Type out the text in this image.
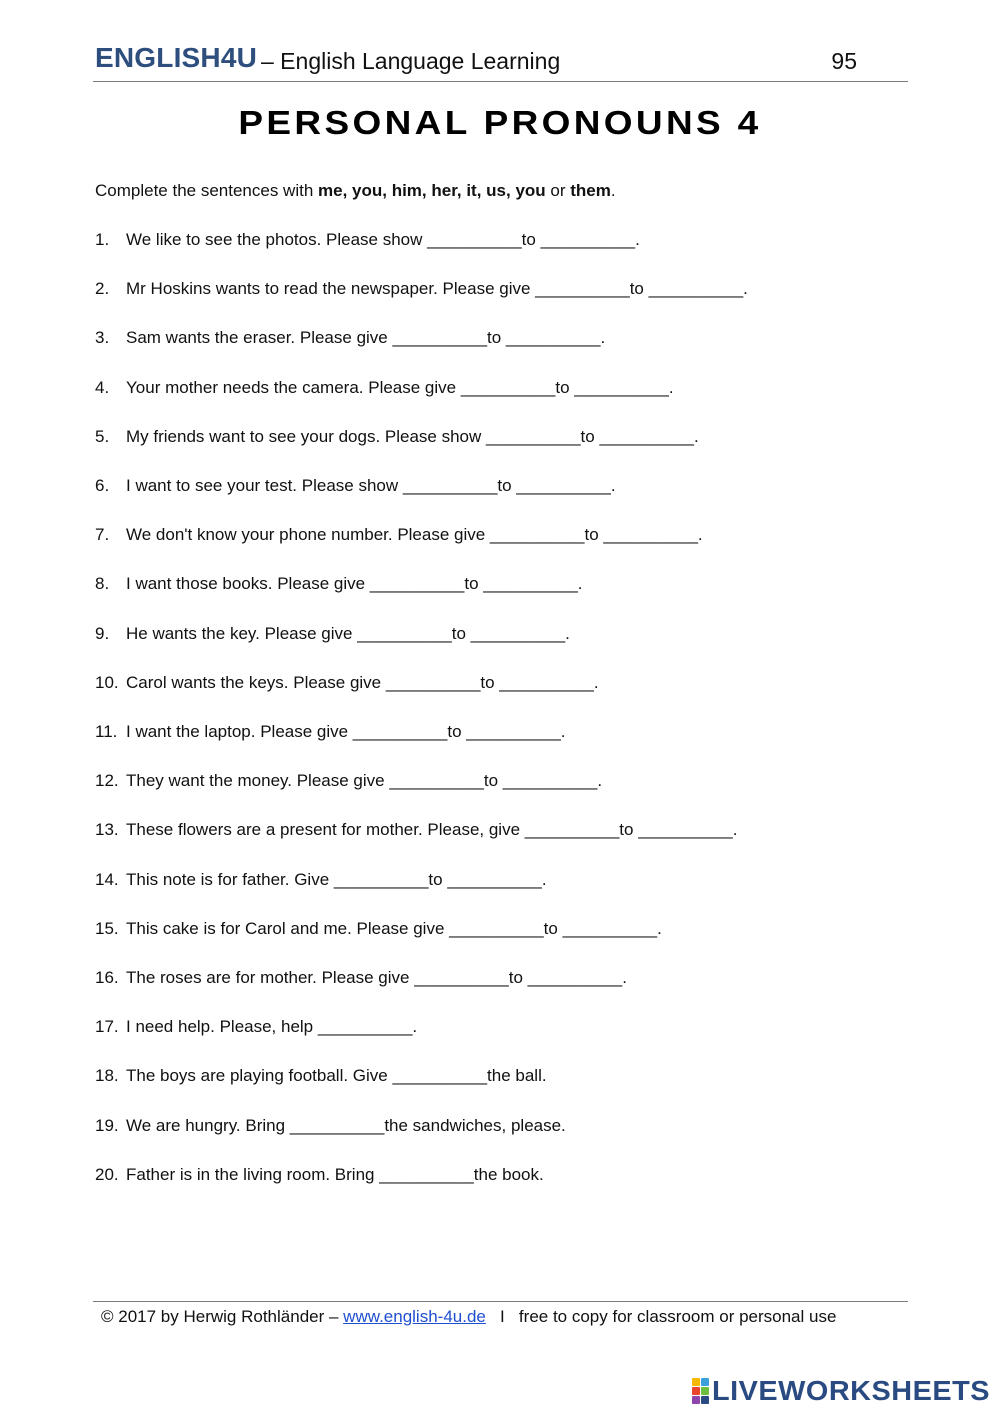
ENGLISH4U – English Language Learning	95
PERSONAL PRONOUNS 4
Complete the sentences with me, you, him, her, it, us, you or them.
1. We like to see the photos. Please show __________to __________.
2. Mr Hoskins wants to read the newspaper. Please give __________to __________.
3. Sam wants the eraser. Please give __________to __________.
4. Your mother needs the camera. Please give __________to __________.
5. My friends want to see your dogs. Please show __________to __________.
6. I want to see your test. Please show __________to __________.
7. We don't know your phone number. Please give __________to __________.
8. I want those books. Please give __________to __________.
9. He wants the key. Please give __________to __________.
10. Carol wants the keys. Please give __________to __________.
11. I want the laptop. Please give __________to __________.
12. They want the money. Please give __________to __________.
13. These flowers are a present for mother. Please, give __________to __________.
14. This note is for father. Give __________to __________.
15. This cake is for Carol and me. Please give __________to __________.
16. The roses are for mother. Please give __________to __________.
17. I need help. Please, help __________.
18. The boys are playing football. Give __________the ball.
19. We are hungry. Bring __________the sandwiches, please.
20. Father is in the living room. Bring __________the book.
© 2017 by Herwig Rothländer – www.english-4u.de   I   free to copy for classroom or personal use
LIVEWORKSHEETS
